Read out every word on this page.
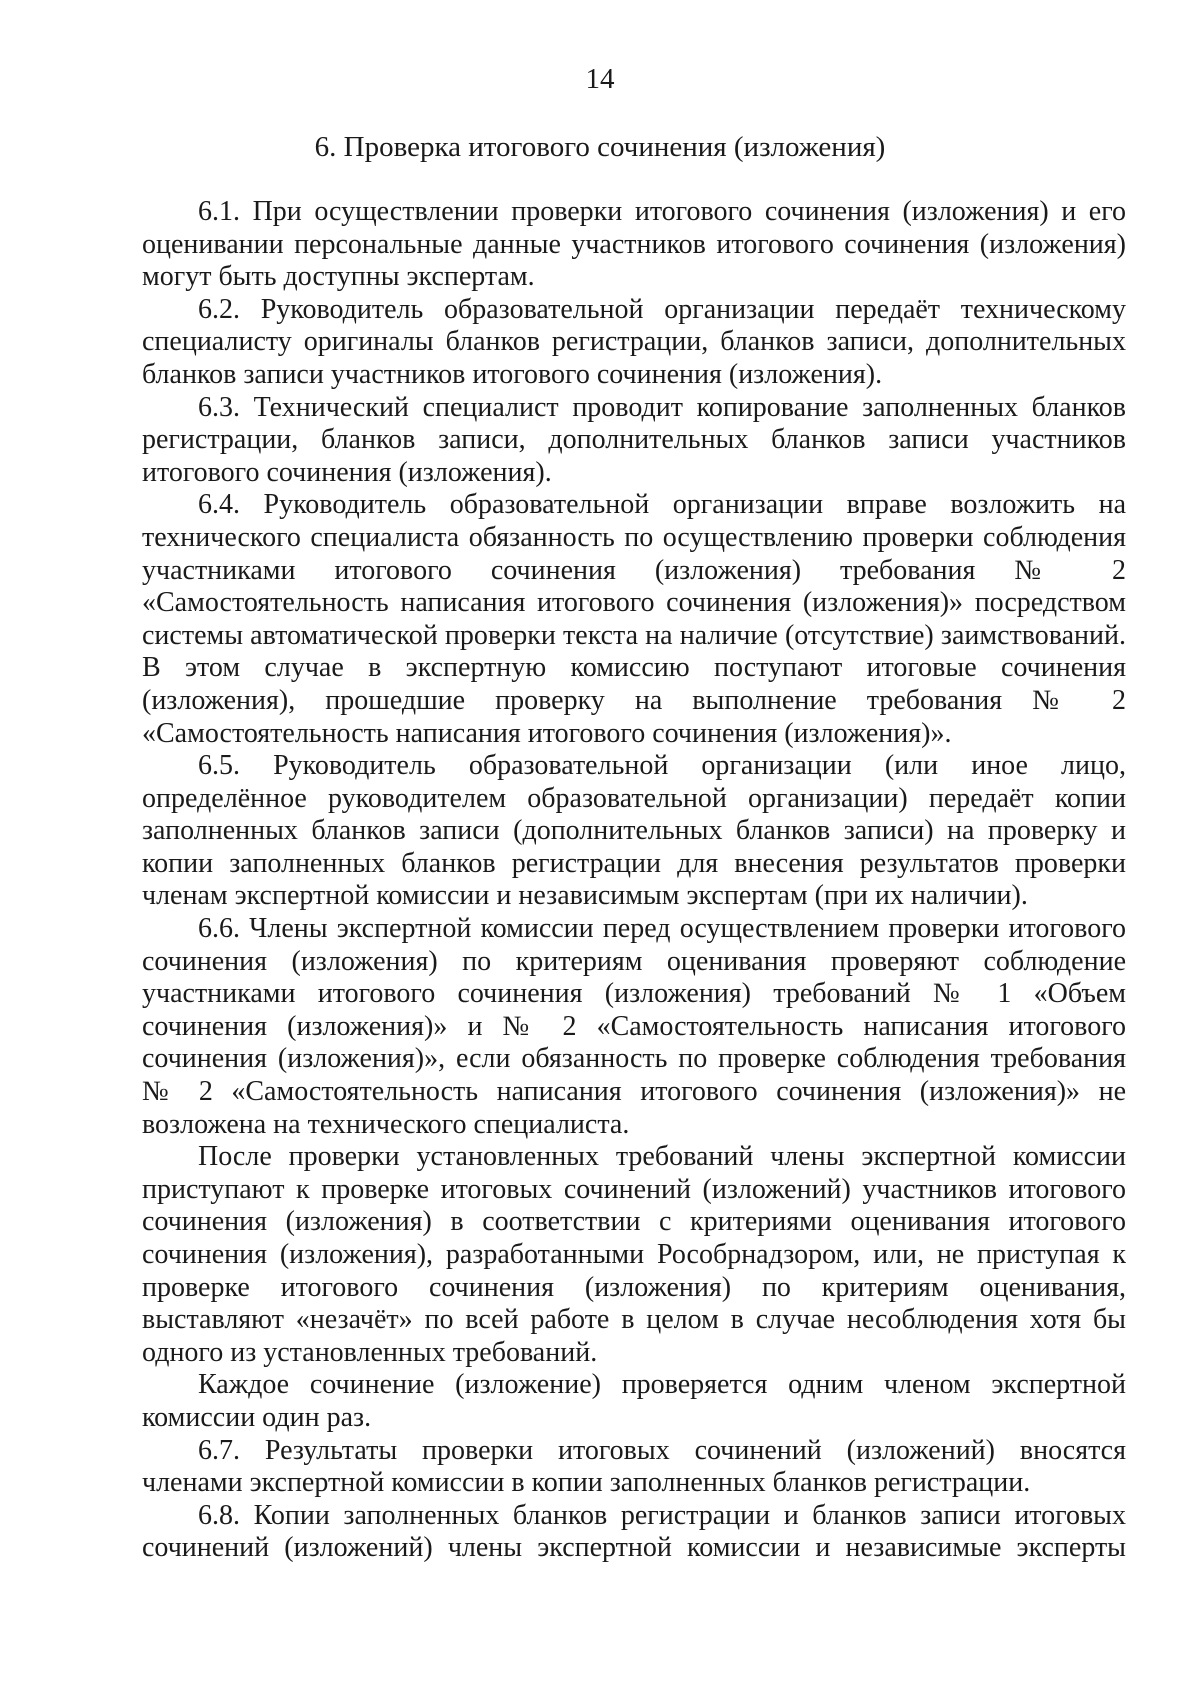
14
6. Проверка итогового сочинения (изложения)

6.1. При осуществлении проверки итогового сочинения (изложения) и его оценивании персональные данные участников итогового сочинения (изложения) могут быть доступны экспертам.

6.2. Руководитель образовательной организации передаёт техническому специалисту оригиналы бланков регистрации, бланков записи, дополнительных бланков записи участников итогового сочинения (изложения).

6.3. Технический специалист проводит копирование заполненных бланков регистрации, бланков записи, дополнительных бланков записи участников итогового сочинения (изложения).

6.4. Руководитель образовательной организации вправе возложить на технического специалиста обязанность по осуществлению проверки соблюдения участниками итогового сочинения (изложения) требования № 2 «Самостоятельность написания итогового сочинения (изложения)» посредством системы автоматической проверки текста на наличие (отсутствие) заимствований. В этом случае в экспертную комиссию поступают итоговые сочинения (изложения), прошедшие проверку на выполнение требования № 2 «Самостоятельность написания итогового сочинения (изложения)».

6.5. Руководитель образовательной организации (или иное лицо, определённое руководителем образовательной организации) передаёт копии заполненных бланков записи (дополнительных бланков записи) на проверку и копии заполненных бланков регистрации для внесения результатов проверки членам экспертной комиссии и независимым экспертам (при их наличии).

6.6. Члены экспертной комиссии перед осуществлением проверки итогового сочинения (изложения) по критериям оценивания проверяют соблюдение участниками итогового сочинения (изложения) требований № 1 «Объем сочинения (изложения)» и № 2 «Самостоятельность написания итогового сочинения (изложения)», если обязанность по проверке соблюдения требования № 2 «Самостоятельность написания итогового сочинения (изложения)» не возложена на технического специалиста.

После проверки установленных требований члены экспертной комиссии приступают к проверке итоговых сочинений (изложений) участников итогового сочинения (изложения) в соответствии с критериями оценивания итогового сочинения (изложения), разработанными Рособрнадзором, или, не приступая к проверке итогового сочинения (изложения) по критериям оценивания, выставляют «незачёт» по всей работе в целом в случае несоблюдения хотя бы одного из установленных требований.

Каждое сочинение (изложение) проверяется одним членом экспертной комиссии один раз.

6.7. Результаты проверки итоговых сочинений (изложений) вносятся членами экспертной комиссии в копии заполненных бланков регистрации.

6.8. Копии заполненных бланков регистрации и бланков записи итоговых сочинений (изложений) члены экспертной комиссии и независимые эксперты
